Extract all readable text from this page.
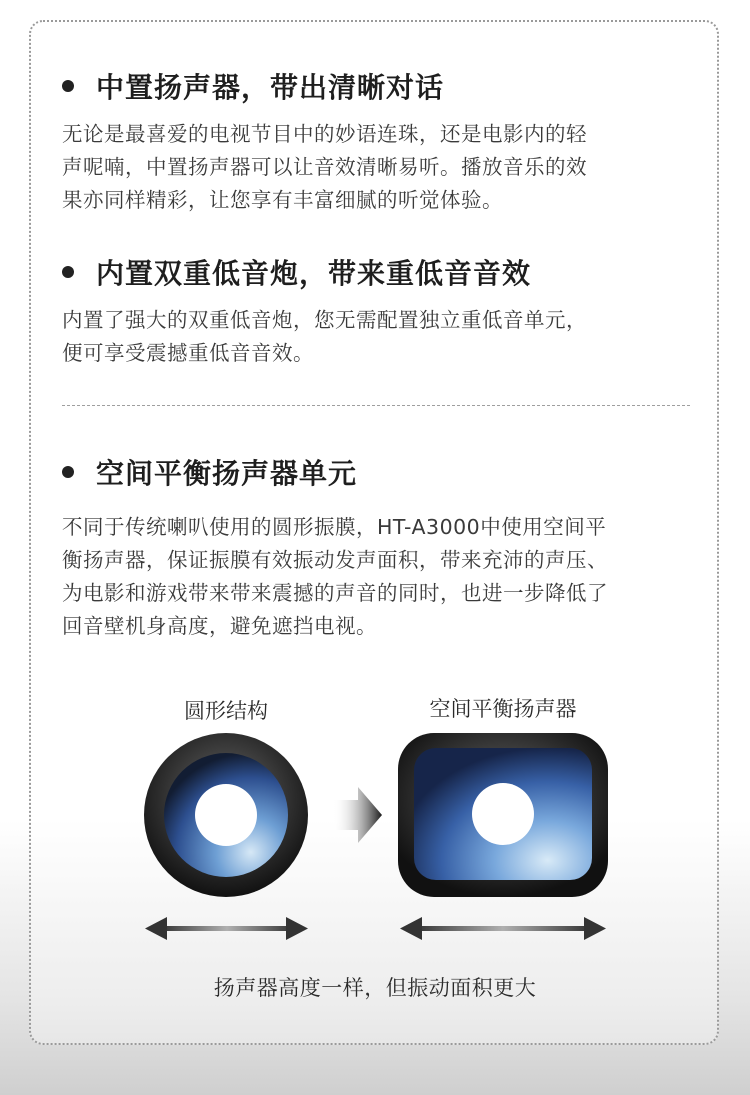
中置扬声器，带出清晰对话
无论是最喜爱的电视节目中的妙语连珠，还是电影内的轻
声呢喃，中置扬声器可以让音效清晰易听。播放音乐的效
果亦同样精彩，让您享有丰富细腻的听觉体验。
内置双重低音炮，带来重低音音效
内置了强大的双重低音炮，您无需配置独立重低音单元，
便可享受震撼重低音音效。
空间平衡扬声器单元
不同于传统喇叭使用的圆形振膜，HT-A3000中使用空间平
衡扬声器，保证振膜有效振动发声面积，带来充沛的声压、
为电影和游戏带来带来震撼的声音的同时，也进一步降低了
回音壁机身高度，避免遮挡电视。
圆形结构	空间平衡扬声器
扬声器高度一样，但振动面积更大
